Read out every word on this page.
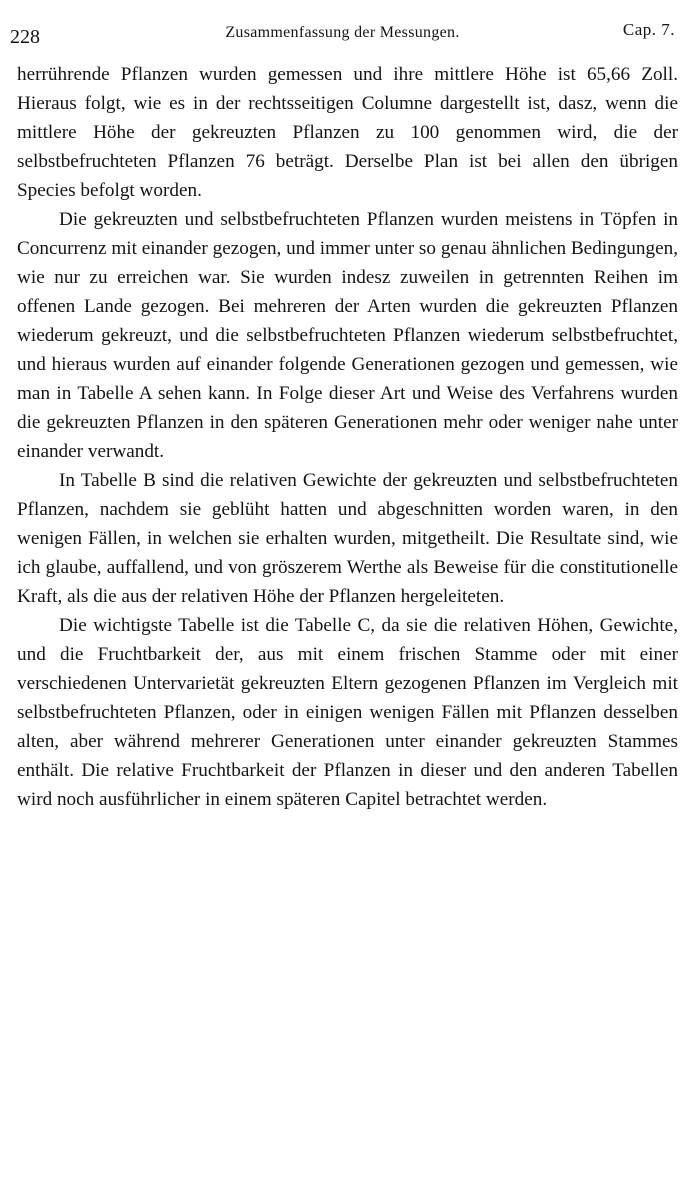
228	Zusammenfassung der Messungen.	Cap. 7.

herrührende Pflanzen wurden gemessen und ihre mittlere Höhe ist 65,66 Zoll. Hieraus folgt, wie es in der rechtsseitigen Columne dargestellt ist, dasz, wenn die mittlere Höhe der gekreuzten Pflanzen zu 100 genommen wird, die der selbstbefruchteten Pflanzen 76 beträgt. Derselbe Plan ist bei allen den übrigen Species befolgt worden.

Die gekreuzten und selbstbefruchteten Pflanzen wurden meistens in Töpfen in Concurrenz mit einander gezogen, und immer unter so genau ähnlichen Bedingungen, wie nur zu erreichen war. Sie wurden indesz zuweilen in getrennten Reihen im offenen Lande gezogen. Bei mehreren der Arten wurden die gekreuzten Pflanzen wiederum gekreuzt, und die selbstbefruchteten Pflanzen wiederum selbstbefruchtet, und hieraus wurden auf einander folgende Generationen gezogen und gemessen, wie man in Tabelle A sehen kann. In Folge dieser Art und Weise des Verfahrens wurden die gekreuzten Pflanzen in den späteren Generationen mehr oder weniger nahe unter einander verwandt.

In Tabelle B sind die relativen Gewichte der gekreuzten und selbstbefruchteten Pflanzen, nachdem sie geblüht hatten und abgeschnitten worden waren, in den wenigen Fällen, in welchen sie erhalten wurden, mitgetheilt. Die Resultate sind, wie ich glaube, auffallend, und von gröszerem Werthe als Beweise für die constitutionelle Kraft, als die aus der relativen Höhe der Pflanzen hergeleiteten.

Die wichtigste Tabelle ist die Tabelle C, da sie die relativen Höhen, Gewichte, und die Fruchtbarkeit der, aus mit einem frischen Stamme oder mit einer verschiedenen Untervarietät gekreuzten Eltern gezogenen Pflanzen im Vergleich mit selbstbefruchteten Pflanzen, oder in einigen wenigen Fällen mit Pflanzen desselben alten, aber während mehrerer Generationen unter einander gekreuzten Stammes enthält. Die relative Fruchtbarkeit der Pflanzen in dieser und den anderen Tabellen wird noch ausführlicher in einem späteren Capitel betrachtet werden.
